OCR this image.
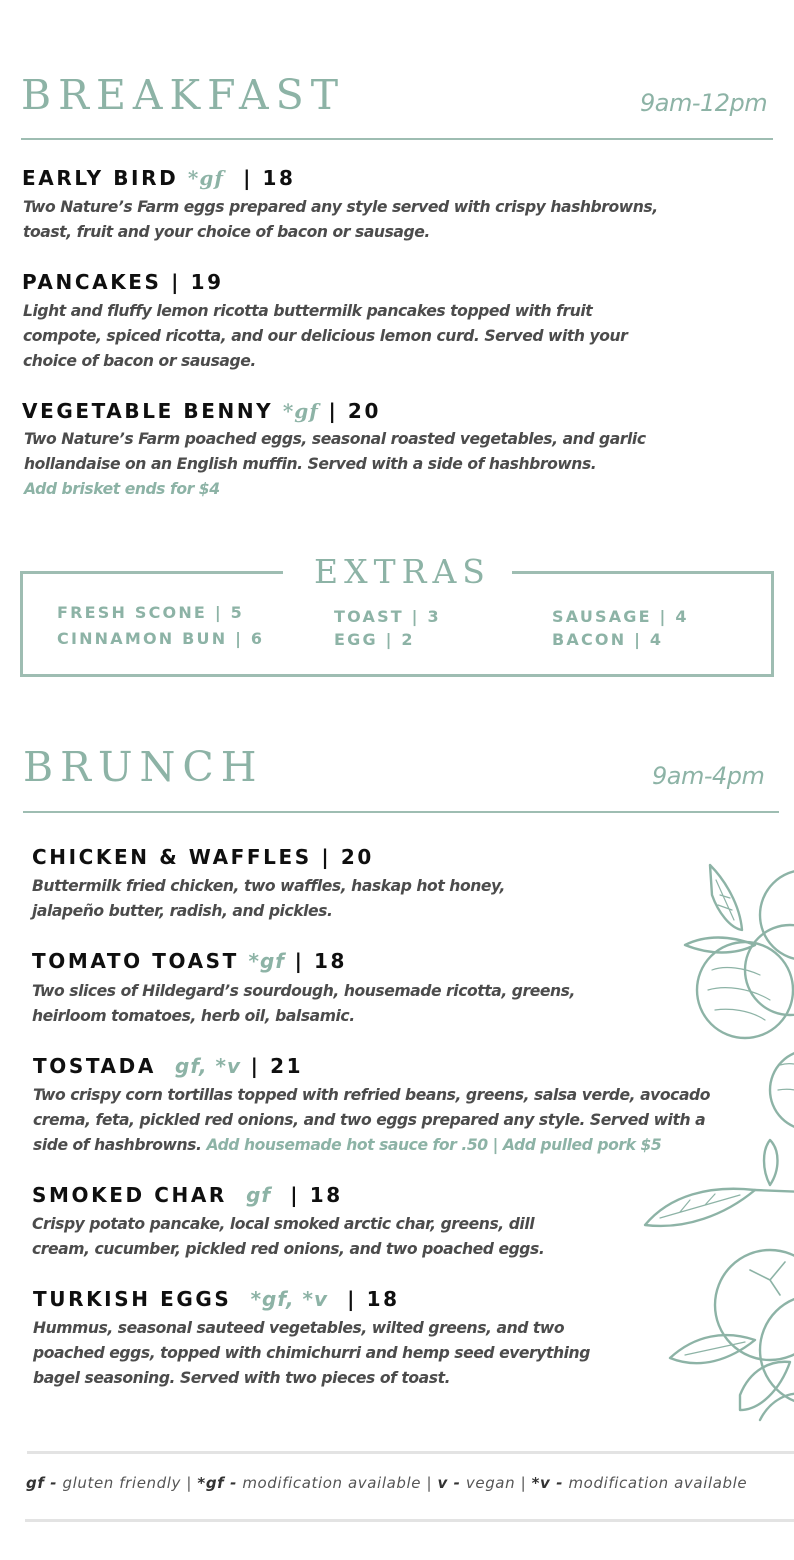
BREAKFAST	9am-12pm
EARLY BIRD *gf | 18
Two Nature’s Farm eggs prepared any style served with crispy hashbrowns,
toast, fruit and your choice of bacon or sausage.
PANCAKES | 19
Light and fluffy lemon ricotta buttermilk pancakes topped with fruit
compote, spiced ricotta, and our delicious lemon curd. Served with your
choice of bacon or sausage.
VEGETABLE BENNY *gf | 20
Two Nature’s Farm poached eggs, seasonal roasted vegetables, and garlic
hollandaise on an English muffin. Served with a side of hashbrowns.
Add brisket ends for $4
EXTRAS
FRESH SCONE | 5
CINNAMON BUN | 6
TOAST | 3
EGG | 2
SAUSAGE | 4
BACON | 4
BRUNCH	9am-4pm
CHICKEN & WAFFLES | 20
Buttermilk fried chicken, two waffles, haskap hot honey,
jalapeño butter, radish, and pickles.
TOMATO TOAST *gf | 18
Two slices of Hildegard’s sourdough, housemade ricotta, greens,
heirloom tomatoes, herb oil, balsamic.
TOSTADA gf, *v | 21
Two crispy corn tortillas topped with refried beans, greens, salsa verde, avocado
crema, feta, pickled red onions, and two eggs prepared any style. Served with a
side of hashbrowns. Add housemade hot sauce for .50 | Add pulled pork $5
SMOKED CHAR gf | 18
Crispy potato pancake, local smoked arctic char, greens, dill
cream, cucumber, pickled red onions, and two poached eggs.
TURKISH EGGS *gf, *v | 18
Hummus, seasonal sauteed vegetables, wilted greens, and two
poached eggs, topped with chimichurri and hemp seed everything
bagel seasoning. Served with two pieces of toast.
gf - gluten friendly | *gf - modification available | v - vegan | *v - modification available
